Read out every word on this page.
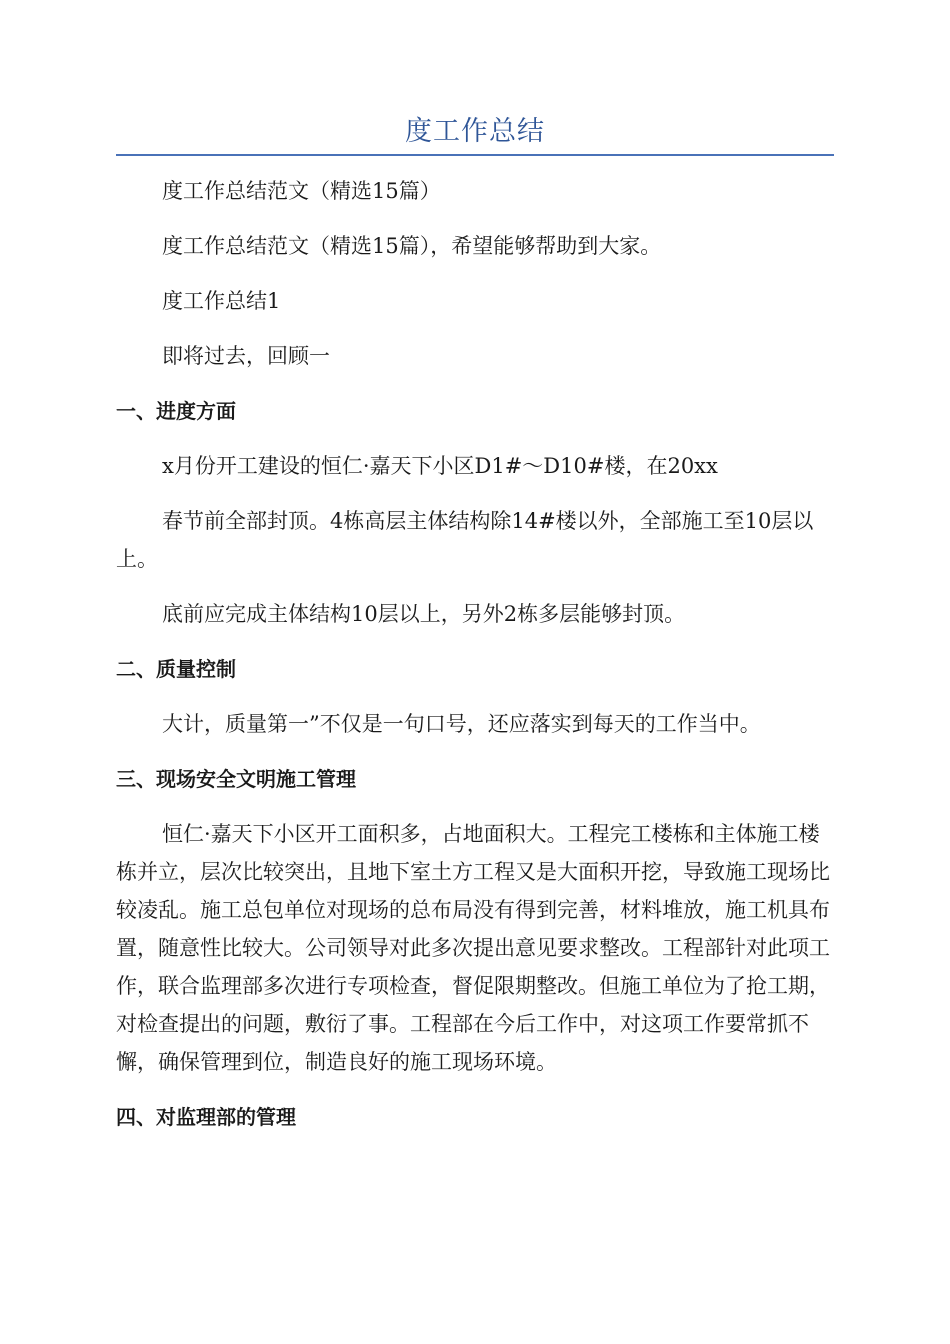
度工作总结

度工作总结范文（精选15篇）

度工作总结范文（精选15篇），希望能够帮助到大家。

度工作总结1

即将过去，回顾一

一、进度方面

x月份开工建设的恒仁·嘉天下小区D1#～D10#楼，在20xx

春节前全部封顶。4栋高层主体结构除14#楼以外，全部施工至10层以上。

底前应完成主体结构10层以上，另外2栋多层能够封顶。

二、质量控制

大计，质量第一”不仅是一句口号，还应落实到每天的工作当中。

三、现场安全文明施工管理

恒仁·嘉天下小区开工面积多，占地面积大。工程完工楼栋和主体施工楼栋并立，层次比较突出，且地下室土方工程又是大面积开挖，导致施工现场比较凌乱。施工总包单位对现场的总布局没有得到完善，材料堆放，施工机具布置，随意性比较大。公司领导对此多次提出意见要求整改。工程部针对此项工作，联合监理部多次进行专项检查，督促限期整改。但施工单位为了抢工期，对检查提出的问题，敷衍了事。工程部在今后工作中，对这项工作要常抓不懈，确保管理到位，制造良好的施工现场环境。

四、对监理部的管理
